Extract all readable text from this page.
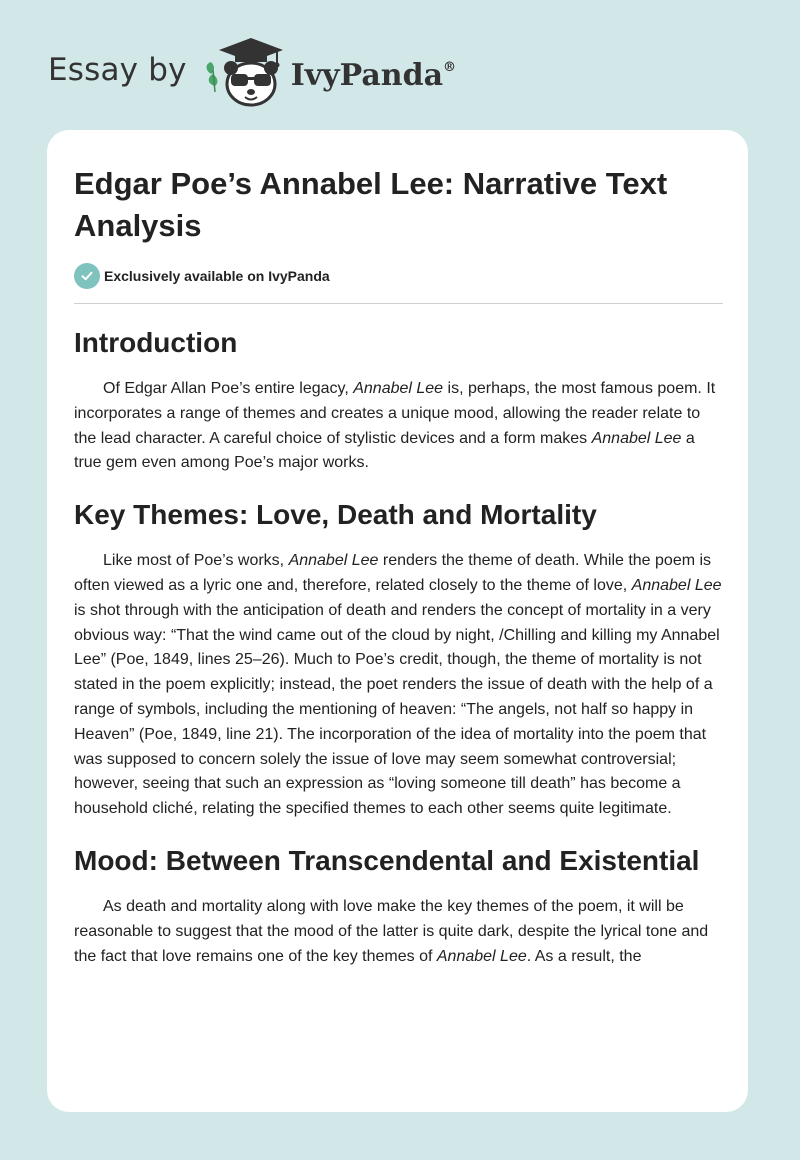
Essay by	IvyPanda®
Edgar Poe’s Annabel Lee: Narrative Text Analysis
Exclusively available on IvyPanda
Introduction

Of Edgar Allan Poe’s entire legacy, Annabel Lee is, perhaps, the most famous poem. It incorporates a range of themes and creates a unique mood, allowing the reader relate to the lead character. A careful choice of stylistic devices and a form makes Annabel Lee a true gem even among Poe’s major works.

Key Themes: Love, Death and Mortality

Like most of Poe’s works, Annabel Lee renders the theme of death. While the poem is often viewed as a lyric one and, therefore, related closely to the theme of love, Annabel Lee is shot through with the anticipation of death and renders the concept of mortality in a very obvious way: “That the wind came out of the cloud by night, /Chilling and killing my Annabel Lee” (Poe, 1849, lines 25–26). Much to Poe’s credit, though, the theme of mortality is not stated in the poem explicitly; instead, the poet renders the issue of death with the help of a range of symbols, including the mentioning of heaven: “The angels, not half so happy in Heaven” (Poe, 1849, line 21). The incorporation of the idea of mortality into the poem that was supposed to concern solely the issue of love may seem somewhat controversial; however, seeing that such an expression as “loving someone till death” has become a household cliché, relating the specified themes to each other seems quite legitimate.

Mood: Between Transcendental and Existential

As death and mortality along with love make the key themes of the poem, it will be reasonable to suggest that the mood of the latter is quite dark, despite the lyrical tone and the fact that love remains one of the key themes of Annabel Lee. As a result, the
